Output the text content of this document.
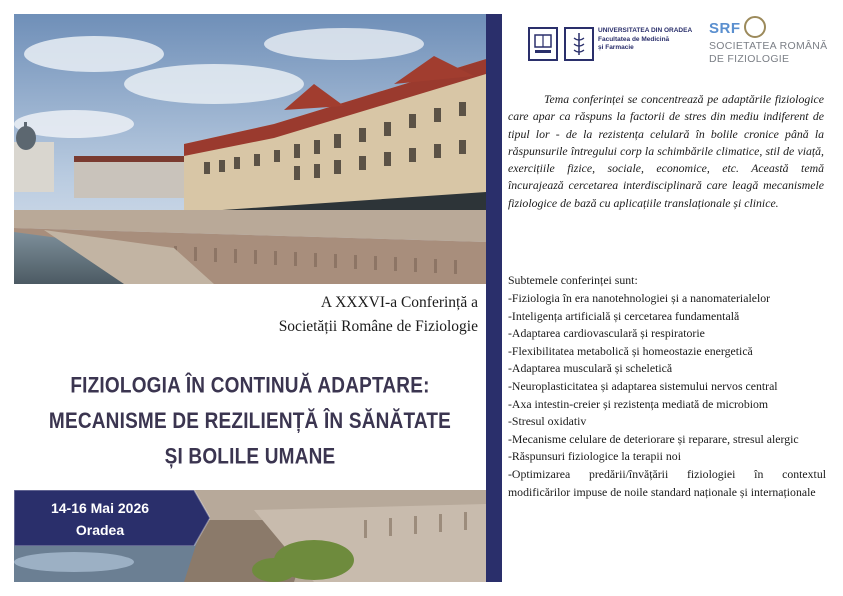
14-16 Mai 2026
Oradea
A XXXVI-a Conferință a
Societății Române de Fiziologie
FIZIOLOGIA ÎN CONTINUĂ ADAPTARE:
MECANISME DE REZILIENȚĂ ÎN SĂNĂTATE
ȘI BOLILE UMANE
UNIVERSITATEA DIN ORADEA
Facultatea de Medicină
și Farmacie
SRF
SOCIETATEA ROMÂNĂ
DE FIZIOLOGIE
Tema conferinței se concentrează pe adaptările fiziologice care apar ca răspuns la factorii de stres din mediu indiferent de tipul lor - de la reziste​nța celulară în bolile cronice până la răspunsurile întregului corp la schimbările climatice, stil de viață, exercițiile fizice, sociale, economice, etc. Această temă încurajează cercetarea interdisciplinară care leagă mecanismele fiziologice de bază cu aplicațiile translaționale și clinice.
Subtemele conferinței sunt:
-Fiziologia în era nanotehnologiei și a nanomaterialelor
-Inteligența artificială și cercetarea fundamentală
-Adaptarea cardiovasculară și respiratorie
-Flexibilitatea metabolică și homeostazie energetică
-Adaptarea musculară și scheletică
-Neuroplasticitatea și adaptarea sistemului nervos central
-Axa intestin-creier și rezistența mediată de microbiom
-Stresul oxidativ
-Mecanisme celulare de deteriorare și reparare, stresul alergic
-Răspunsuri fiziologice la terapii noi
-Optimizarea predării/învățării fiziologiei în contextul modificărilor impuse de noile standard naționale și internaționale
